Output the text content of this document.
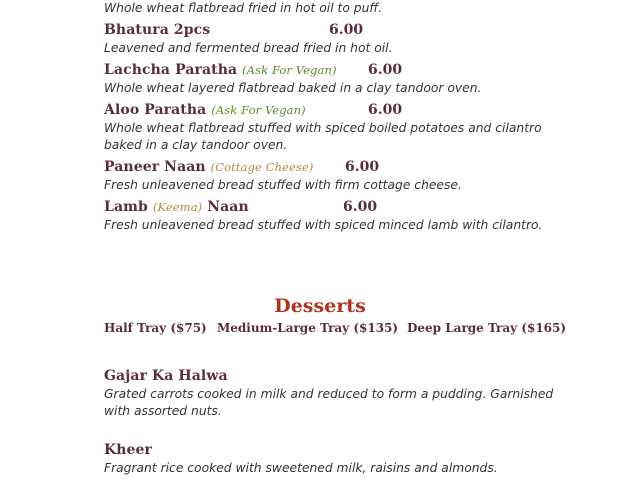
Whole wheat flatbread fried in hot oil to puff.
Bhatura 2pcs	6.00
Leavened and fermented bread fried in hot oil.
Lachcha Paratha (Ask For Vegan) 6.00
Whole wheat layered flatbread baked in a clay tandoor oven.
Aloo Paratha (Ask For Vegan)	6.00
Whole wheat flatbread stuffed with spiced boiled potatoes and cilantro baked in a clay tandoor oven.
Paneer Naan (Cottage Cheese) 6.00
Fresh unleavened bread stuffed with firm cottage cheese.
Lamb (Keema) Naan	6.00
Fresh unleavened bread stuffed with spiced minced lamb with cilantro.
Desserts
Half Tray ($75) Medium-Large Tray ($135) Deep Large Tray ($165)
Gajar Ka Halwa
Grated carrots cooked in milk and reduced to form a pudding. Garnished with assorted nuts.
Kheer
Fragrant rice cooked with sweetened milk, raisins and almonds.
